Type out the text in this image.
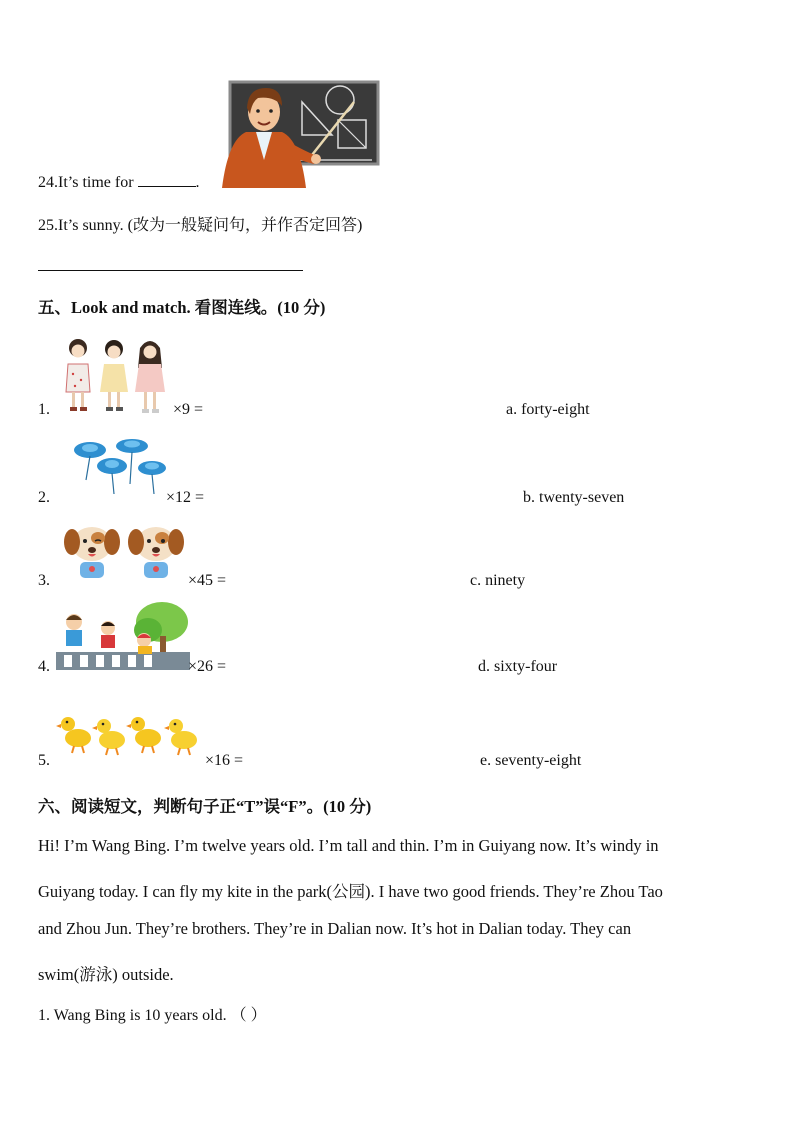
24.It’s time for	.
25.It’s sunny. (改为一般疑问句，并作否定回答)
五、Look and match. 看图连线。(10 分)
1.	×9 =	a. forty-eight
2.	×12 =	b. twenty-seven
3.	×45 =	c. ninety
4.	×26 =	d. sixty-four
5.	×16 =	e. seventy-eight
六、阅读短文，判断句子正“T”误“F”。(10 分)
Hi! I’m Wang Bing. I’m twelve years old. I’m tall and thin. I’m in Guiyang now. It’s windy in
Guiyang today. I can fly my kite in the park(公园). I have two good friends. They’re Zhou Tao
and Zhou Jun. They’re brothers. They’re in Dalian now. It’s hot in Dalian today. They can
swim(游泳) outside.
1. Wang Bing is 10 years old. （ ）
